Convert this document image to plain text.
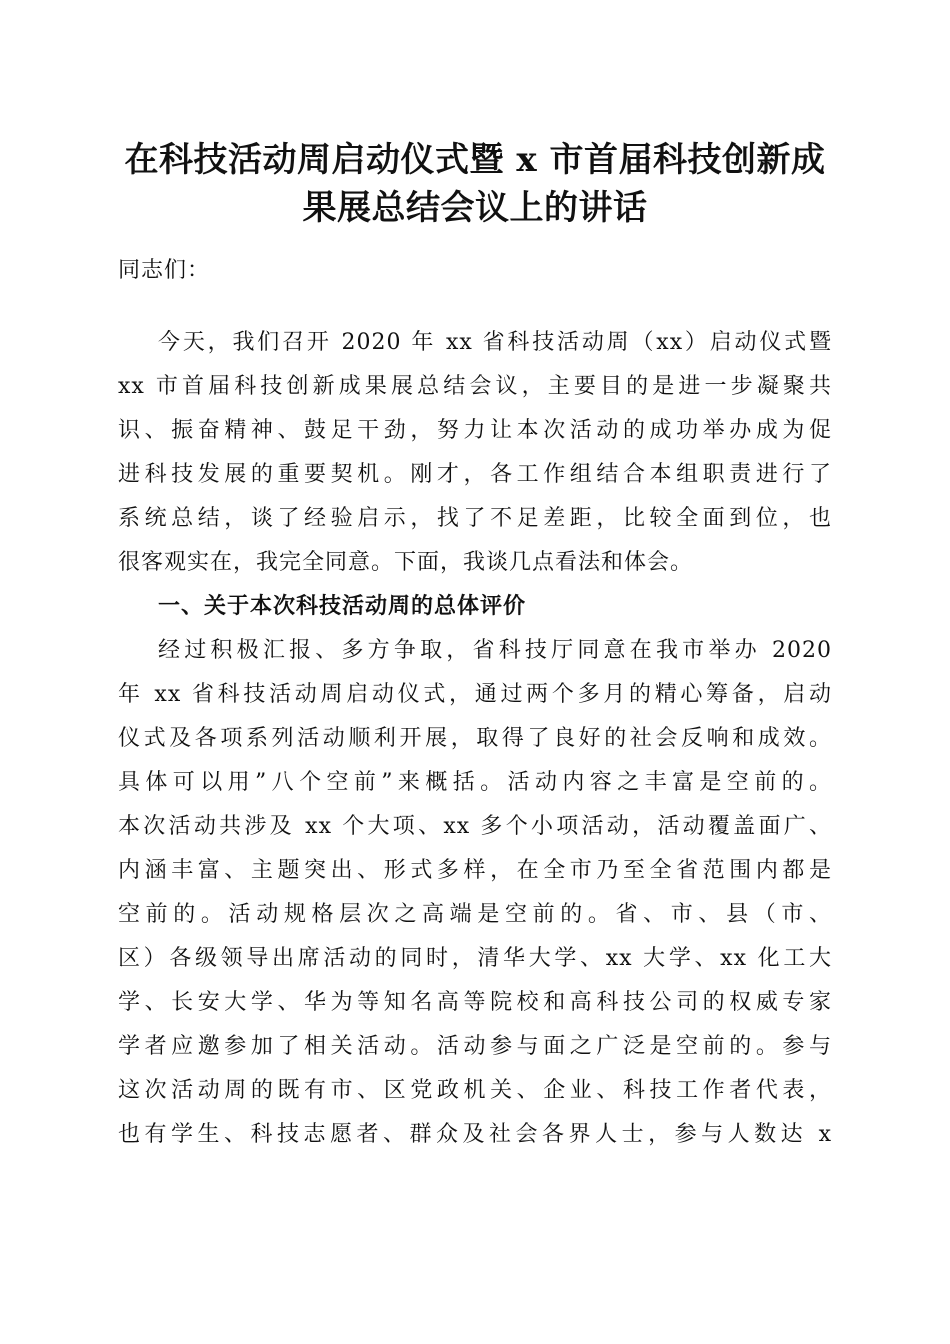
在科技活动周启动仪式暨 x 市首届科技创新成
果展总结会议上的讲话
同志们：
今天，我们召开 2020 年 xx 省科技活动周（xx）启动仪式暨
xx 市首届科技创新成果展总结会议，主要目的是进一步凝聚共
识、振奋精神、鼓足干劲，努力让本次活动的成功举办成为促
进科技发展的重要契机。刚才，各工作组结合本组职责进行了
系统总结，谈了经验启示，找了不足差距，比较全面到位，也
很客观实在，我完全同意。下面，我谈几点看法和体会。
一、关于本次科技活动周的总体评价
经过积极汇报、多方争取，省科技厅同意在我市举办 2020
年 xx 省科技活动周启动仪式，通过两个多月的精心筹备，启动
仪式及各项系列活动顺利开展，取得了良好的社会反响和成效。
具体可以用”八个空前”来概括。活动内容之丰富是空前的。
本次活动共涉及 xx 个大项、xx 多个小项活动，活动覆盖面广、
内涵丰富、主题突出、形式多样，在全市乃至全省范围内都是
空前的。活动规格层次之高端是空前的。省、市、县（市、
区）各级领导出席活动的同时，清华大学、xx 大学、xx 化工大
学、长安大学、华为等知名高等院校和高科技公司的权威专家
学者应邀参加了相关活动。活动参与面之广泛是空前的。参与
这次活动周的既有市、区党政机关、企业、科技工作者代表，
也有学生、科技志愿者、群众及社会各界人士，参与人数达 x
